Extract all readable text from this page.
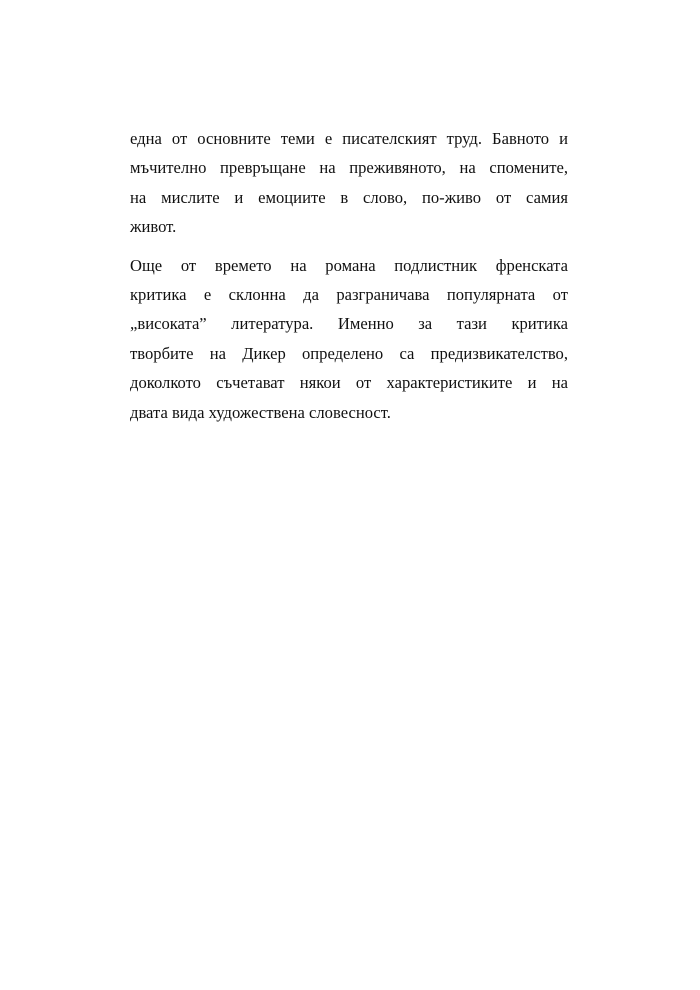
една от основните теми е писателският труд. Бавното и
мъчително превръщане на преживяното, на спомените,
на мислите и емоциите в слово, по-живо от самия
живот.

Още от времето на романа подлистник френската
критика е склонна да разграничава популярната от
„високата” литература. Именно за тази критика
творбите на Дикер определено са предизвикателство,
доколкото съчетават някои от характеристиките и на
двата вида художествена словесност.
